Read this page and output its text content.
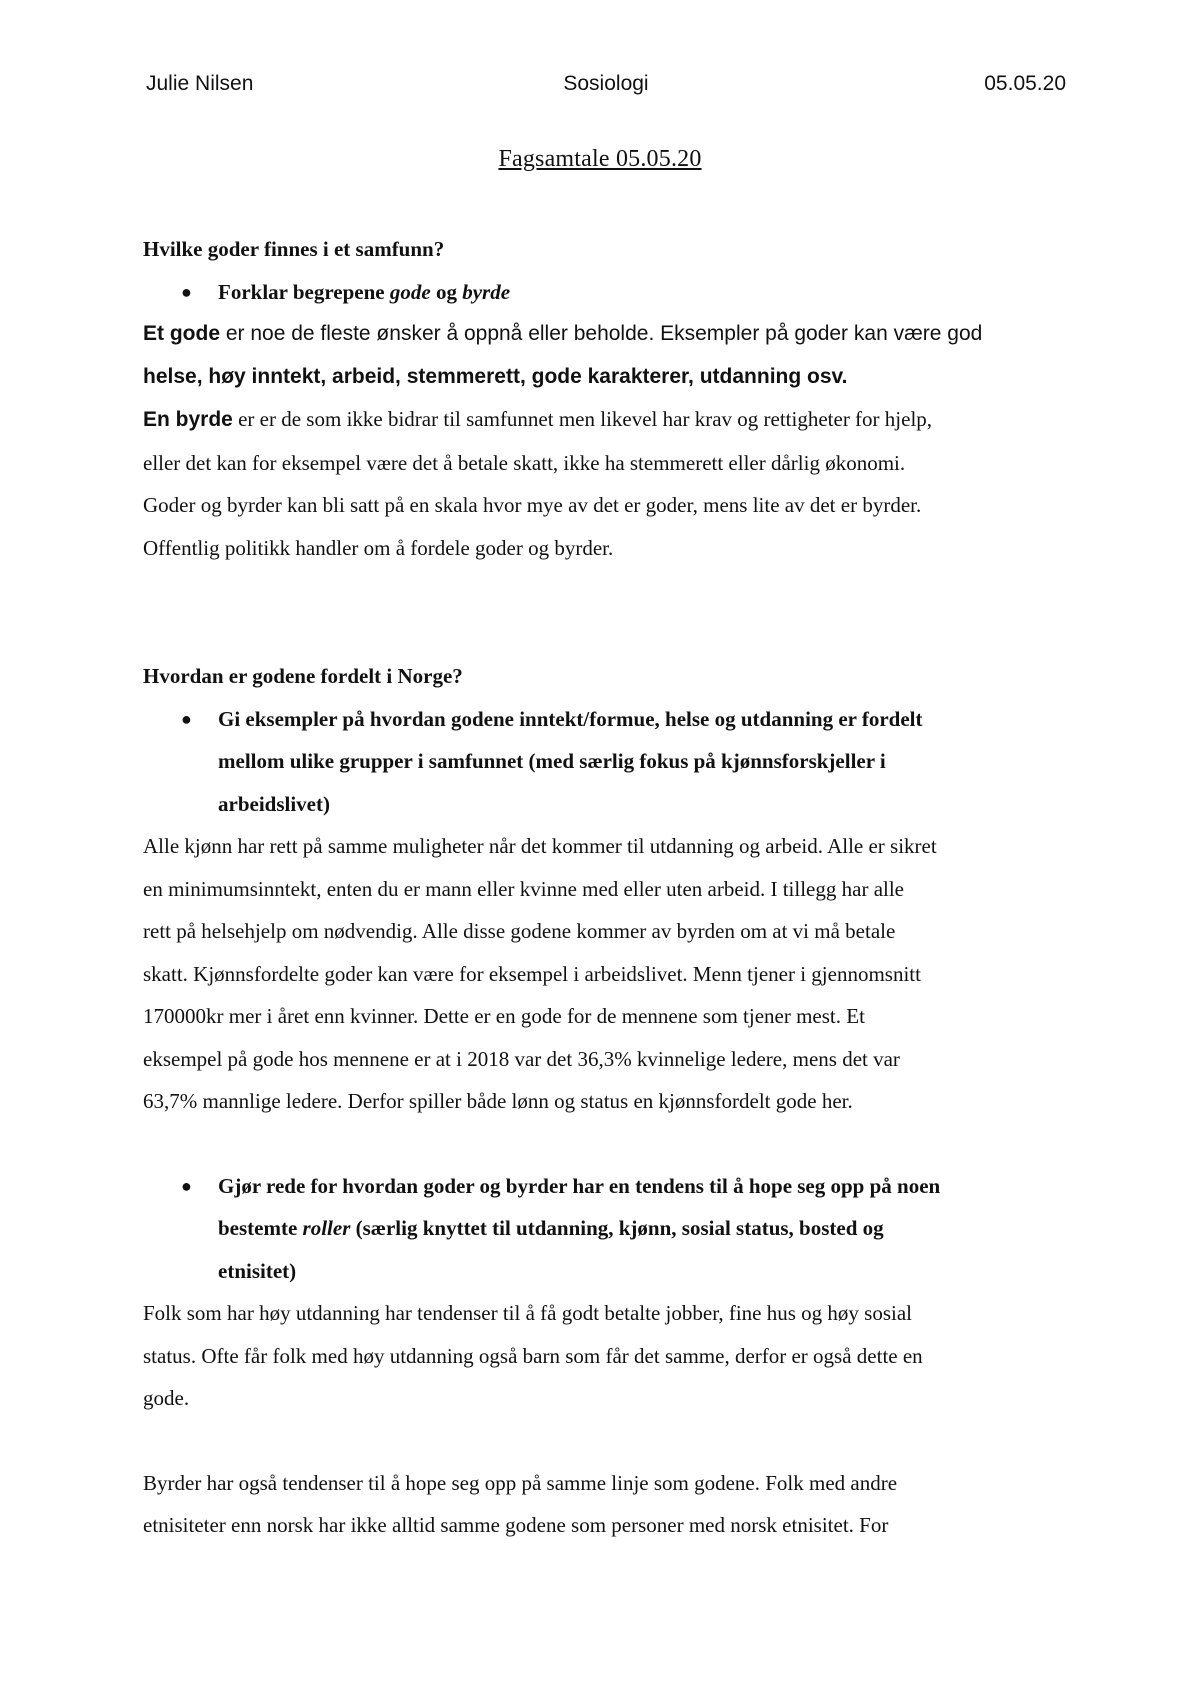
Julie Nilsen	Sosiologi	05.05.20
Fagsamtale 05.05.20

Hvilke goder finnes i et samfunn?

● Forklar begrepene gode og byrde

Et gode er noe de fleste ønsker å oppnå eller beholde. Eksempler på goder kan være god
helse, høy inntekt, arbeid, stemmerett, gode karakterer, utdanning osv.

En byrde er er de som ikke bidrar til samfunnet men likevel har krav og rettigheter for hjelp,
eller det kan for eksempel være det å betale skatt, ikke ha stemmerett eller dårlig økonomi.
Goder og byrder kan bli satt på en skala hvor mye av det er goder, mens lite av det er byrder.
Offentlig politikk handler om å fordele goder og byrder.

Hvordan er godene fordelt i Norge?

● Gi eksempler på hvordan godene inntekt/formue, helse og utdanning er fordelt
mellom ulike grupper i samfunnet (med særlig fokus på kjønnsforskjeller i
arbeidslivet)

Alle kjønn har rett på samme muligheter når det kommer til utdanning og arbeid. Alle er sikret
en minimumsinntekt, enten du er mann eller kvinne med eller uten arbeid. I tillegg har alle
rett på helsehjelp om nødvendig. Alle disse godene kommer av byrden om at vi må betale
skatt. Kjønnsfordelte goder kan være for eksempel i arbeidslivet. Menn tjener i gjennomsnitt
170000kr mer i året enn kvinner. Dette er en gode for de mennene som tjener mest. Et
eksempel på gode hos mennene er at i 2018 var det 36,3% kvinnelige ledere, mens det var
63,7% mannlige ledere. Derfor spiller både lønn og status en kjønnsfordelt gode her.

● Gjør rede for hvordan goder og byrder har en tendens til å hope seg opp på noen
bestemte roller (særlig knyttet til utdanning, kjønn, sosial status, bosted og
etnisitet)

Folk som har høy utdanning har tendenser til å få godt betalte jobber, fine hus og høy sosial
status. Ofte får folk med høy utdanning også barn som får det samme, derfor er også dette en
gode.

Byrder har også tendenser til å hope seg opp på samme linje som godene. Folk med andre
etnisiteter enn norsk har ikke alltid samme godene som personer med norsk etnisitet. For
